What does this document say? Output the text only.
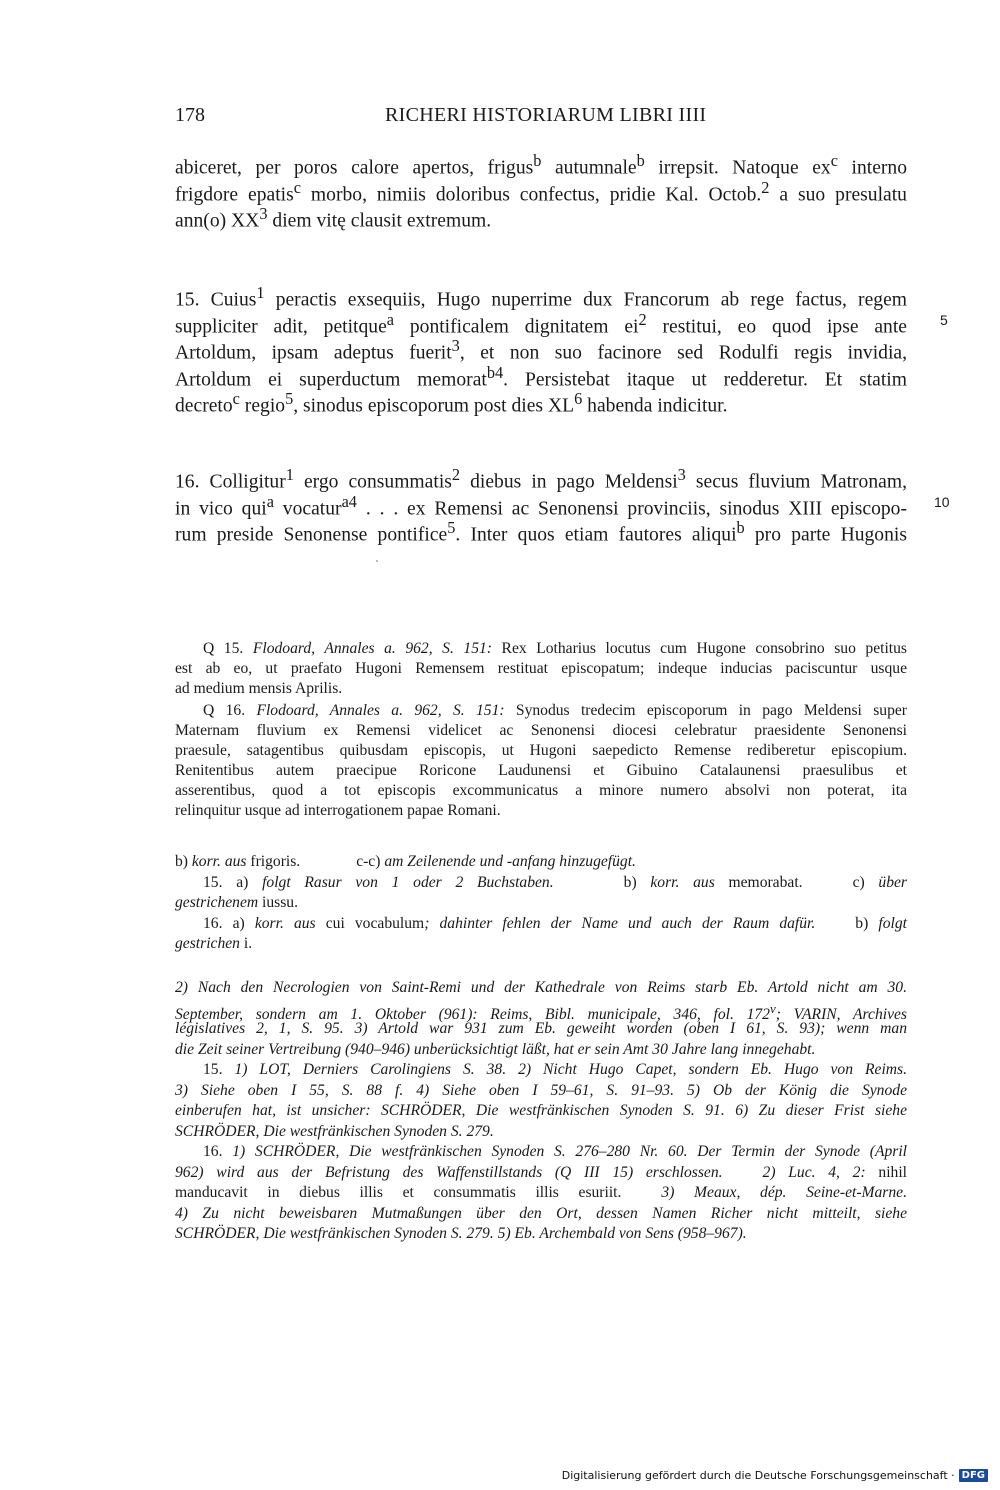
178	RICHERI HISTORIARUM LIBRI IIII
abiceret, per poros calore apertos, frigus$^b$ autumnale$^b$ irrepsit. Natoque $ex^c$ interno
frigdore epatis$^c$ morbo, nimiis doloribus confectus, pridie Kal. Octob.$^2$ a suo presulatu
ann(o) $XX^3$ diem vitę clausit extremum.
15. Cuius$^1$ peractis exsequiis, Hugo nuperrime dux Francorum ab rege factus, regem
suppliciter adit, petitque$^a$ pontificalem dignitatem $ei^2$ restitui, eo quod ipse ante
Artoldum, ipsam adeptus fuerit$^3$, et non suo facinore sed Rodulfi regis invidia,
Artoldum ei superductum memorat$^{b4}$. Persistebat itaque ut redderetur. Et statim
decreto$^c$ regio$^5$, sinodus episcoporum post dies $XL^6$ habenda indicitur.
5
16. Colligitur$^1$ ergo consummatis$^2$ diebus in pago Meldensi$^3$ secus fluvium Matronam,
in vico qui$^a$ vocatur$^{a4}$ . . . ex Remensi ac Senonensi provinciis, sinodus XIII episcopo-
rum preside Senonense pontifice$^5$. Inter quos etiam fautores aliqui$^b$ pro parte Hugonis
10
Q 15. Flodoard, Annales a. 962, S. 151: Rex Lotharius locutus cum Hugone consobrino suo petitus
est ab eo, ut praefato Hugoni Remensem restituat episcopatum; indeque inducias paciscuntur usque
ad medium mensis Aprilis.
Q 16. Flodoard, Annales a. 962, S. 151: Synodus tredecim episcoporum in pago Meldensi super
Maternam fluvium ex Remensi videlicet ac Senonensi diocesi celebratur praesidente Senonensi
praesule, satagentibus quibusdam episcopis, ut Hugoni saepedicto Remense rediberetur episcopium.
Renitentibus autem praecipue Roricone Laudunensi et Gibuino Catalaunensi praesulibus et
asserentibus, quod a tot episcopis excommunicatus a minore numero absolvi non poterat, ita
relinquitur usque ad interrogationem papae Romani.
b) korr. aus frigoris.	c-c) am Zeilenende und -anfang hinzugefügt.
15. a) folgt Rasur von 1 oder 2 Buchstaben.	b) korr. aus memorabat.	c) über
gestrichenem iussu.
16. a) korr. aus cui vocabulum; dahinter fehlen der Name und auch der Raum dafür.	b) folgt
gestrichen i.
2) Nach den Necrologien von Saint-Remi und der Kathedrale von Reims starb Eb. Artold nicht am 30.
September, sondern am 1. Oktober (961): Reims, Bibl. municipale, 346, fol. 172$^v$; VARIN, Archives
législatives 2, 1, S. 95. 3) Artold war 931 zum Eb. geweiht worden (oben I 61, S. 93); wenn man
die Zeit seiner Vertreibung (940–946) unberücksichtigt läßt, hat er sein Amt 30 Jahre lang innegehabt.
15. 1) LOT, Derniers Carolingiens S. 38. 2) Nicht Hugo Capet, sondern Eb. Hugo von Reims.
3) Siehe oben I 55, S. 88 f. 4) Siehe oben I 59–61, S. 91–93. 5) Ob der König die Synode
einberufen hat, ist unsicher: SCHRÖDER, Die westfränkischen Synoden S. 91. 6) Zu dieser Frist siehe
SCHRÖDER, Die westfränkischen Synoden S. 279.
16. 1) SCHRÖDER, Die westfränkischen Synoden S. 276–280 Nr. 60. Der Termin der Synode (April
962) wird aus der Befristung des Waffenstillstands (Q III 15) erschlossen.	2) Luc. 4, 2: nihil
manducavit in diebus illis et consummatis illis esuriit.	3) Meaux, dép. Seine-et-Marne.
4) Zu nicht beweisbaren Mutmaßungen über den Ort, dessen Namen Richer nicht mitteilt, siehe
SCHRÖDER, Die westfränkischen Synoden S. 279. 5) Eb. Archembald von Sens (958–967).
Digitalisierung gefördert durch die Deutsche Forschungsgemeinschaft · DFG
